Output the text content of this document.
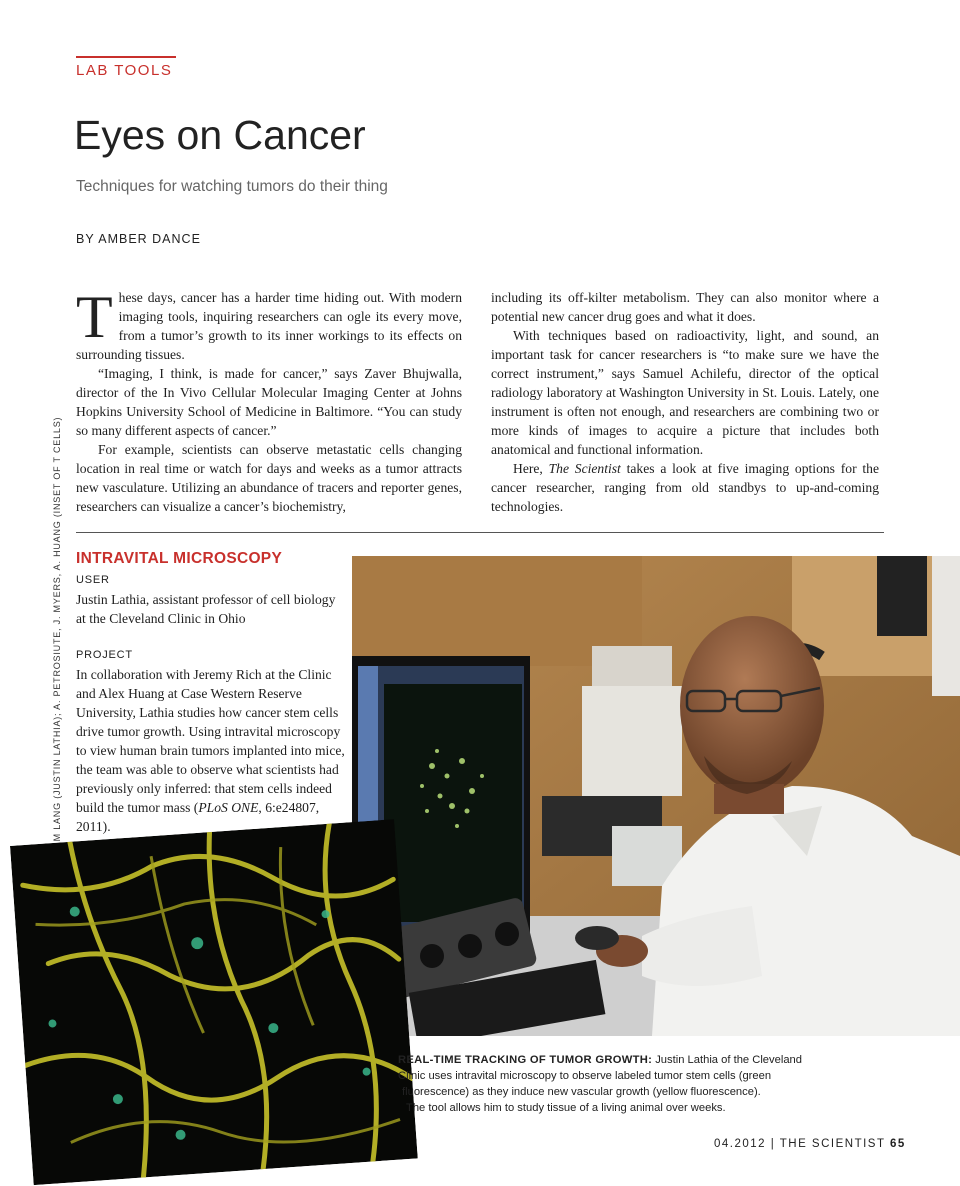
LAB TOOLS
Eyes on Cancer
Techniques for watching tumors do their thing
BY AMBER DANCE

These days, cancer has a harder time hiding out. With modern imaging tools, inquiring researchers can ogle its every move, from a tumor’s growth to its inner workings to its effects on surrounding tissues.

“Imaging, I think, is made for cancer,” says Zaver Bhujwalla, director of the In Vivo Cellular Molecular Imaging Center at Johns Hopkins University School of Medicine in Baltimore. “You can study so many different aspects of cancer.”

For example, scientists can observe metastatic cells changing location in real time or watch for days and weeks as a tumor attracts new vasculature. Utilizing an abundance of tracers and reporter genes, researchers can visualize a cancer’s biochemistry,

including its off-kilter metabolism. They can also monitor where a potential new cancer drug goes and what it does.

With techniques based on radioactivity, light, and sound, an important task for cancer researchers is “to make sure we have the correct instrument,” says Samuel Achilefu, director of the optical radiology laboratory at Washington University in St. Louis. Lately, one instrument is often not enough, and researchers are combining two or more kinds of images to acquire a picture that includes both anatomical and functional information.

Here, The Scientist takes a look at five imaging options for the cancer researcher, ranging from old standbys to up-and-coming technologies.

JIM LANG (JUSTIN LATHIA); A. PETROSIUTE, J. MYERS, A. HUANG (INSET OF T CELLS) INTRAVITAL MICROSCOPY
USER
Justin Lathia, assistant professor of cell biology at the Cleveland Clinic in Ohio
PROJECT
In collaboration with Jeremy Rich at the Clinic and Alex Huang at Case Western Reserve University, Lathia studies how cancer stem cells drive tumor growth. Using intravital microscopy to view human brain tumors implanted into mice, the team was able to observe what scientists had previously only inferred: that stem cells indeed build the tumor mass (PLoS ONE, 6:e24807, 2011).
REAL-TIME TRACKING OF TUMOR GROWTH: Justin Lathia of the Cleveland
Clinic uses intravital microscopy to observe labeled tumor stem cells (green
fluorescence) as they induce new vascular growth (yellow fluorescence).
The tool allows him to study tissue of a living animal over weeks.
04.2012 | THE SCIENTIST 65
